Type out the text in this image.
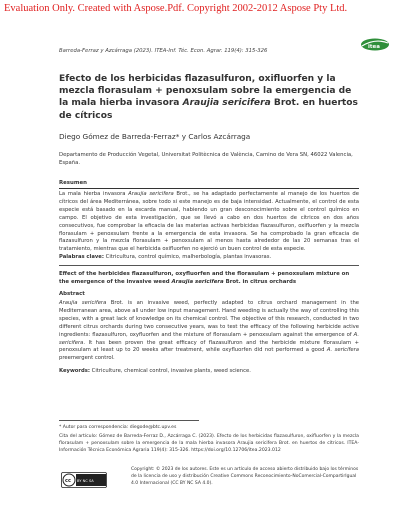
Evaluation Only. Created with Aspose.Pdf. Copyright 2002-2012 Aspose Pty Ltd.
Barreda-Ferraz y Azcárraga (2023). ITEA-Inf. Téc. Econ. Agrar. 119(4): 315-326
itea
Efecto de los herbicidas flazasulfuron, oxifluorfen y la mezcla florasulam + penoxsulam sobre la emergencia de la mala hierba invasora Araujia sericifera Brot. en huertos de cítricos
Diego Gómez de Barreda-Ferraz* y Carlos Azcárraga
Departamento de Producción Vegetal, Universitat Politècnica de València, Camino de Vera SN, 46022 Valencia, España.
Resumen
La mala hierba invasora Araujia sericifera Brot., se ha adaptado perfectamente al manejo de los huertos de cítricos del área Mediterránea, sobre todo si este manejo es de baja intensidad. Actualmente, el control de esta especie está basado en la escarda manual, habiendo un gran desconocimiento sobre el control químico en campo. El objetivo de esta investigación, que se llevó a cabo en dos huertos de cítricos en dos años consecutivos, fue comprobar la eficacia de las materias activas herbicidas flazasulfuron, oxifluorfen y la mezcla florasulam + penoxsulam frente a la emergencia de esta invasora. Se ha comprobado la gran eficacia de flazasulfuron y la mezcla florasulam + penoxsulam al menos hasta alrededor de las 20 semanas tras el tratamiento, mientras que el herbicida oxifluorfen no ejerció un buen control de esta especie.
Palabras clave: Citricultura, control químico, malherbología, plantas invasoras.
Effect of the herbicides flazasulfuron, oxyfluorfen and the florasulam + penoxsulam mixture on the emergence of the invasive weed Araujia sericifera Brot. in citrus orchards
Abstract
Araujia sericifera Brot. is an invasive weed, perfectly adapted to citrus orchard management in the Mediterranean area, above all under low input management. Hand weeding is actually the way of controlling this species, with a great lack of knowledge on its chemical control. The objective of this research, conducted in two different citrus orchards during two consecutive years, was to test the efficacy of the following herbicide active ingredients: flazasulfuron, oxyfluorfen and the mixture of florasulam + penoxsulam against the emergence of A. sericifera. It has been proven the great efficacy of flazasulfuron and the herbicide mixture florasulam + penoxsulam at least up to 20 weeks after treatment, while oxyfluorfen did not performed a good A. sericifera preemergent control.
Keywords: Citriculture, chemical control, invasive plants, weed science.
* Autor para correspondencia: diegode@btc.upv.es
Cita del artículo: Gómez de Barreda-Ferraz D., Azcárraga C. (2023). Efecto de los herbicidas flazasulfuron, oxifluorfen y la mezcla florasulam + penoxsulam sobre la emergencia de la mala hierba invasora Araujia sericifera Brot. en huertos de cítricos. ITEA-Información Técnica Económica Agraria 119(4): 315-326. https://doi.org/10.12706/itea.2023.012
cc BY NC SA
Copyright: © 2023 de los autores. Este es un artículo de acceso abierto distribuido bajo los términos de la licencia de uso y distribución Creative Commons Reconocimiento-NoComercial-CompartirIgual 4.0 Internacional (CC BY NC SA 4.0).
